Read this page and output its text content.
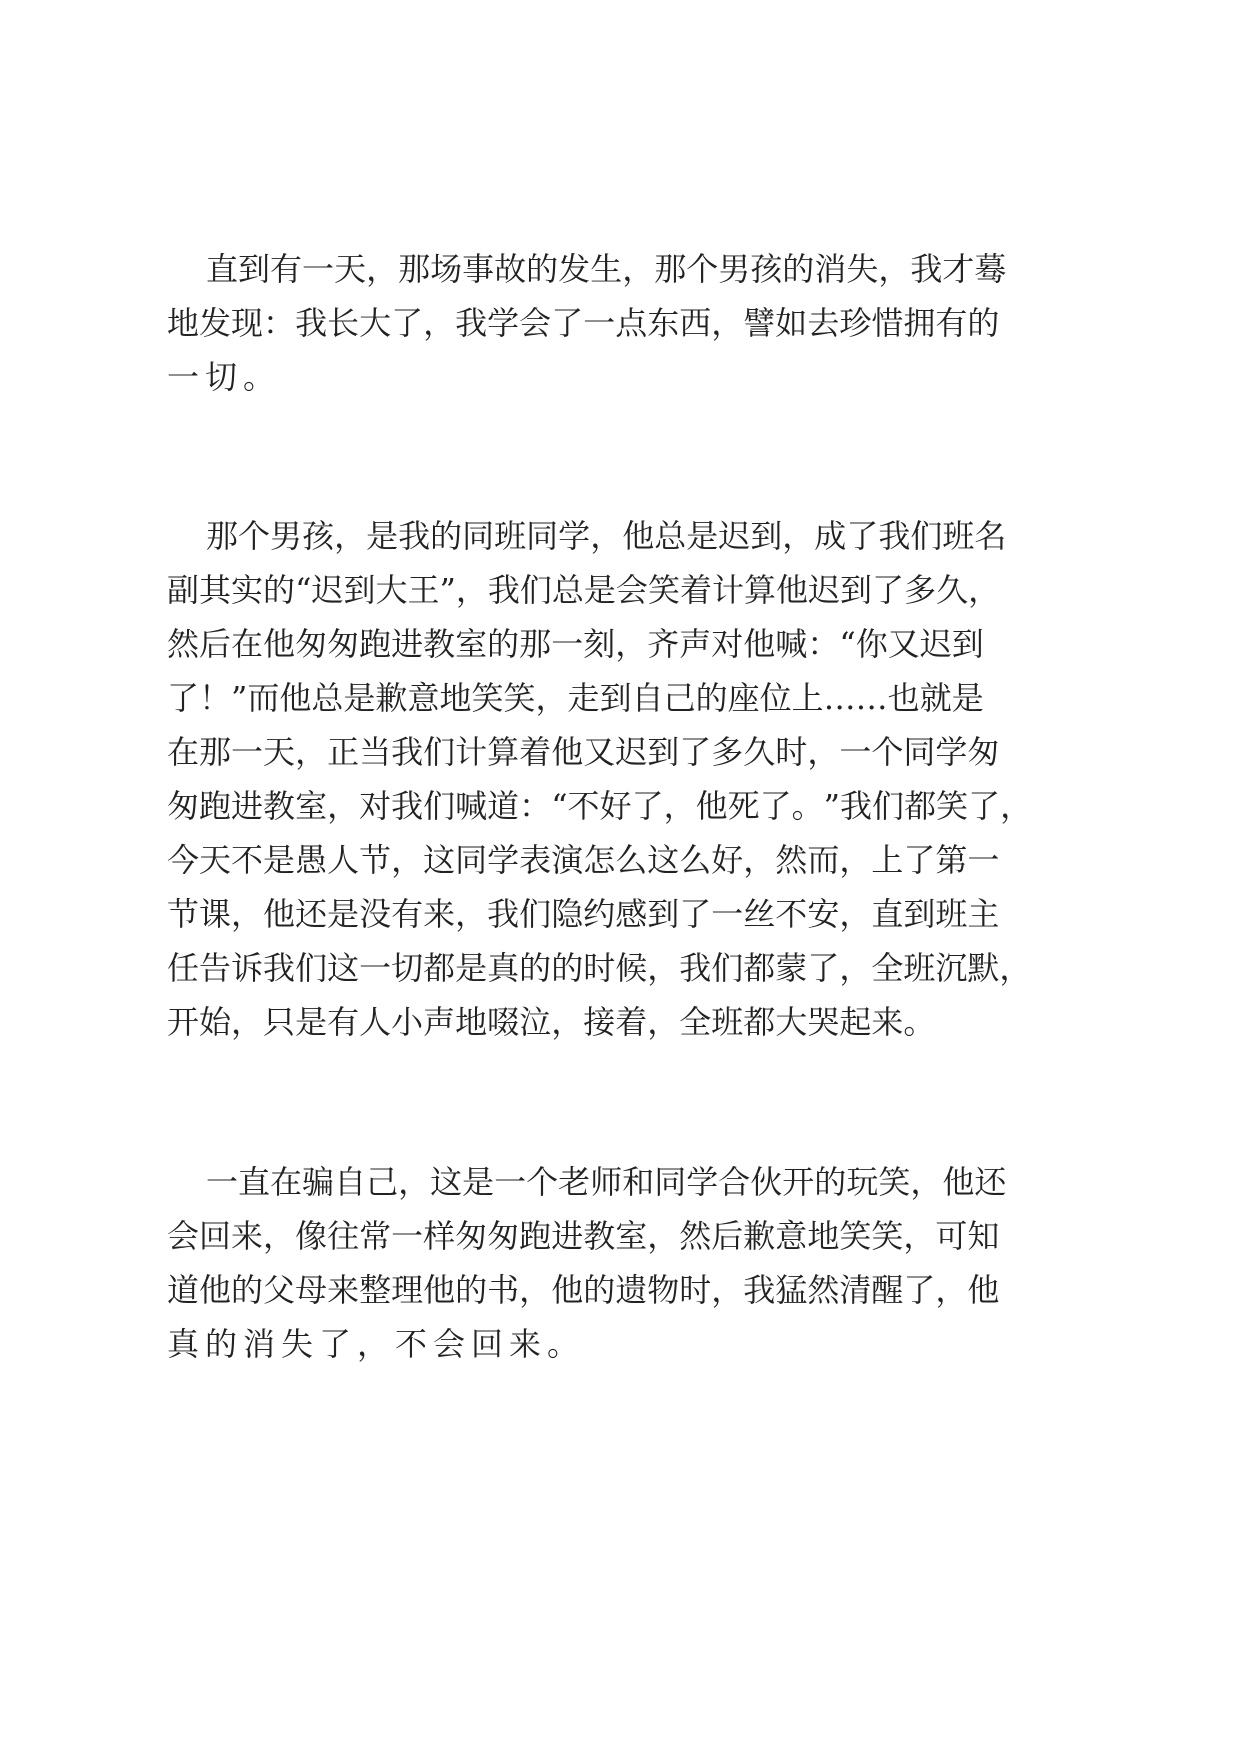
直 到 有 一 天 ， 那 场 事 故 的 发 生 ， 那 个 男 孩 的 消 失 ， 我 才 蓦
地 发 现 ： 我 长 大 了 ， 我 学 会 了 一 点 东 西 ， 譬 如 去 珍 惜 拥 有 的
一切。
那 个 男 孩 ， 是 我 的 同 班 同 学 ， 他 总 是 迟 到 ， 成 了 我 们 班 名
副 其 实 的 “ 迟 到 大 王 ” ， 我 们 总 是 会 笑 着 计 算 他 迟 到 了 多 久 ，
然 后 在 他 匆 匆 跑 进 教 室 的 那 一 刻 ， 齐 声 对 他 喊 ： “ 你 又 迟 到
了 ！ ” 而 他 总 是 歉 意 地 笑 笑 ， 走 到 自 己 的 座 位 上 … … 也 就 是
在 那 一 天 ， 正 当 我 们 计 算 着 他 又 迟 到 了 多 久 时 ， 一 个 同 学 匆
匆 跑 进 教 室 ， 对 我 们 喊 道 ： “ 不 好 了 ， 他 死 了 。 ” 我 们 都 笑 了 ，
今 天 不 是 愚 人 节 ， 这 同 学 表 演 怎 么 这 么 好 ， 然 而 ， 上 了 第 一
节 课 ， 他 还 是 没 有 来 ， 我 们 隐 约 感 到 了 一 丝 不 安 ， 直 到 班 主
任 告 诉 我 们 这 一 切 都 是 真 的 的 时 候 ， 我 们 都 蒙 了 ， 全 班 沉 默 ，
开 始 ， 只 是 有 人 小 声 地 啜 泣 ， 接 着 ， 全 班 都 大 哭 起 来 。
一 直 在 骗 自 己 ， 这 是 一 个 老 师 和 同 学 合 伙 开 的 玩 笑 ， 他 还
会 回 来 ， 像 往 常 一 样 匆 匆 跑 进 教 室 ， 然 后 歉 意 地 笑 笑 ， 可 知
道 他 的 父 母 来 整 理 他 的 书 ， 他 的 遗 物 时 ， 我 猛 然 清 醒 了 ， 他
真的消失了，不会回来。
